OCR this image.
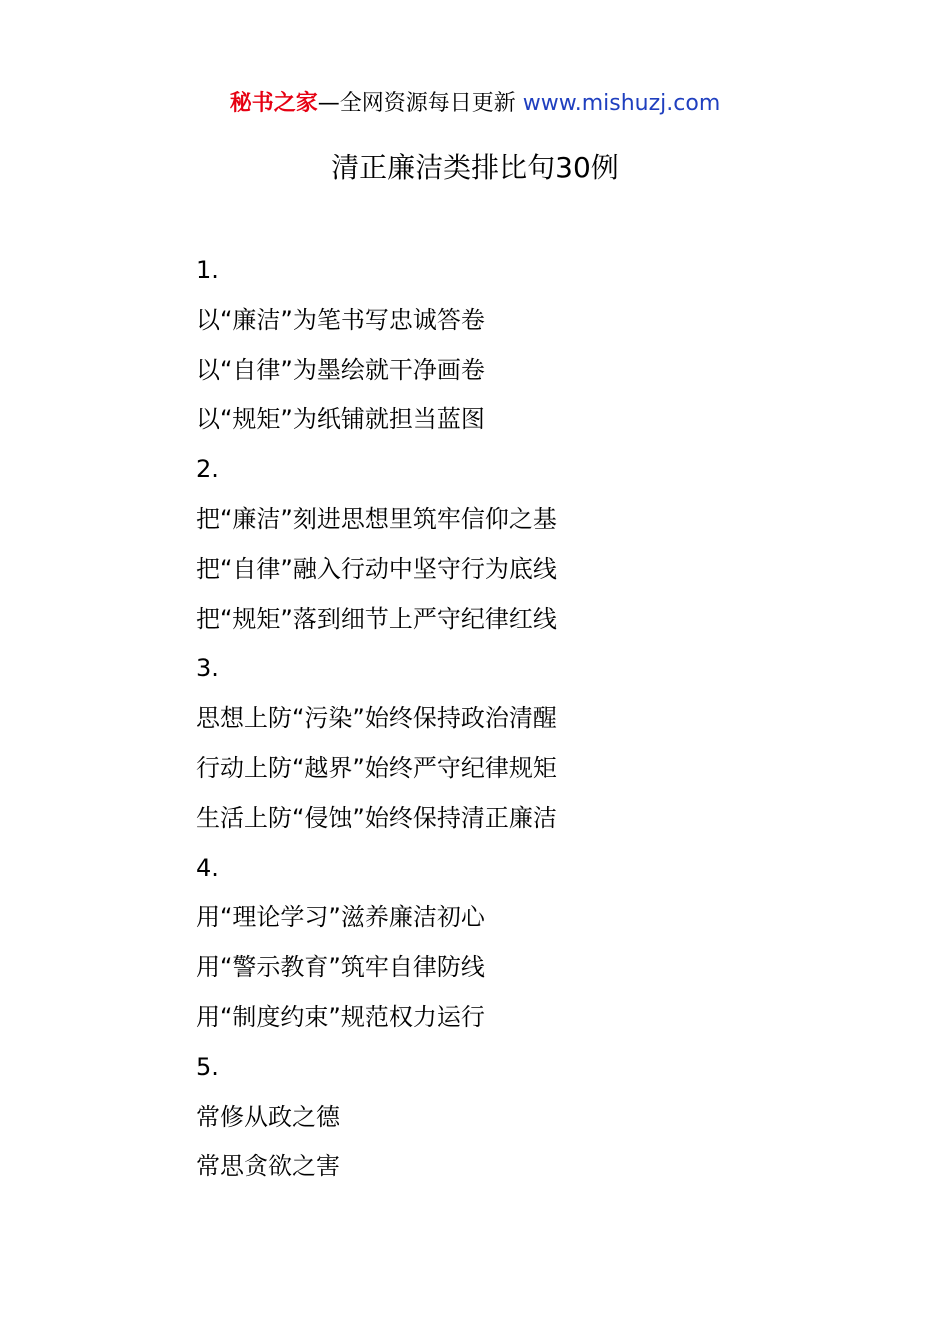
秘书之家—全网资源每日更新 www.mishuzj.com
清正廉洁类排比句30例
1.
以“廉洁”为笔书写忠诚答卷
以“自律”为墨绘就干净画卷
以“规矩”为纸铺就担当蓝图
2.
把“廉洁”刻进思想里筑牢信仰之基
把“自律”融入行动中坚守行为底线
把“规矩”落到细节上严守纪律红线
3.
思想上防“污染”始终保持政治清醒
行动上防“越界”始终严守纪律规矩
生活上防“侵蚀”始终保持清正廉洁
4.
用“理论学习”滋养廉洁初心
用“警示教育”筑牢自律防线
用“制度约束”规范权力运行
5.
常修从政之德
常思贪欲之害
